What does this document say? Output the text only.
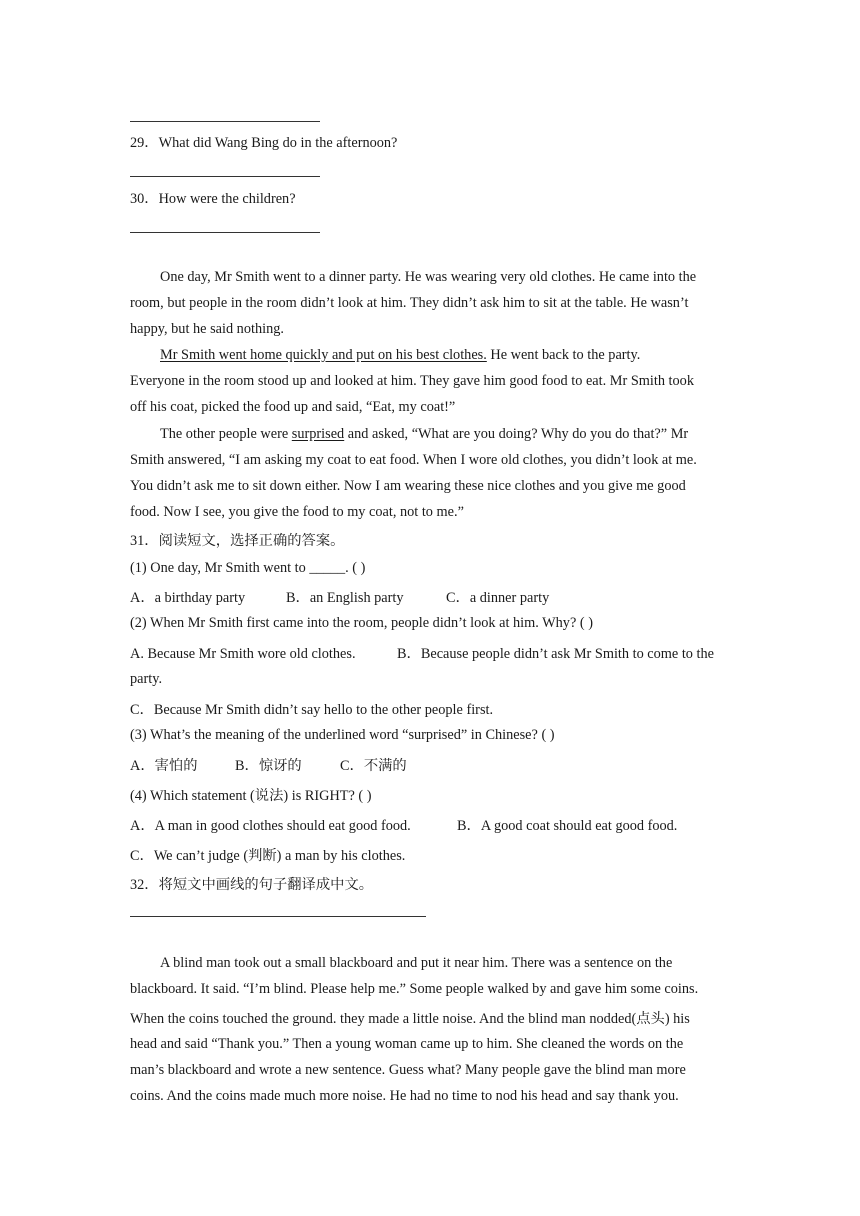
29．What did Wang Bing do in the afternoon?
30．How were the children?
One day, Mr Smith went to a dinner party. He was wearing very old clothes. He came into the
room, but people in the room didn’t look at him. They didn’t ask him to sit at the table. He wasn’t
happy, but he said nothing.
Mr Smith went home quickly and put on his best clothes. He went back to the party.
Everyone in the room stood up and looked at him. They gave him good food to eat. Mr Smith took
off his coat, picked the food up and said, “Eat, my coat!”
The other people were surprised and asked, “What are you doing? Why do you do that?” Mr
Smith answered, “I am asking my coat to eat food. When I wore old clothes, you didn’t look at me.
You didn’t ask me to sit down either. Now I am wearing these nice clothes and you give me good
food. Now I see, you give the food to my coat, not to me.”
31．阅读短文，选择正确的答案。
(1) One day, Mr Smith went to _____. ( )
A．a birthday party	B．an English party	C．a dinner party
(2) When Mr Smith first came into the room, people didn’t look at him. Why? ( )
A. Because Mr Smith wore old clothes.	B．Because people didn’t ask Mr Smith to come to the
party.
C．Because Mr Smith didn’t say hello to the other people first.
(3) What’s the meaning of the underlined word “surprised” in Chinese? ( )
A．害怕的	B．惊讶的	C．不满的
(4) Which statement (说法) is RIGHT? ( )
A．A man in good clothes should eat good food.	B．A good coat should eat good food.
C．We can’t judge (判断) a man by his clothes.
32．将短文中画线的句子翻译成中文。
A blind man took out a small blackboard and put it near him. There was a sentence on the
blackboard. It said. “I’m blind. Please help me.” Some people walked by and gave him some coins.
When the coins touched the ground. they made a little noise. And the blind man nodded(点头) his
head and said “Thank you.” Then a young woman came up to him. She cleaned the words on the
man’s blackboard and wrote a new sentence. Guess what? Many people gave the blind man more
coins. And the coins made much more noise. He had no time to nod his head and say thank you.
